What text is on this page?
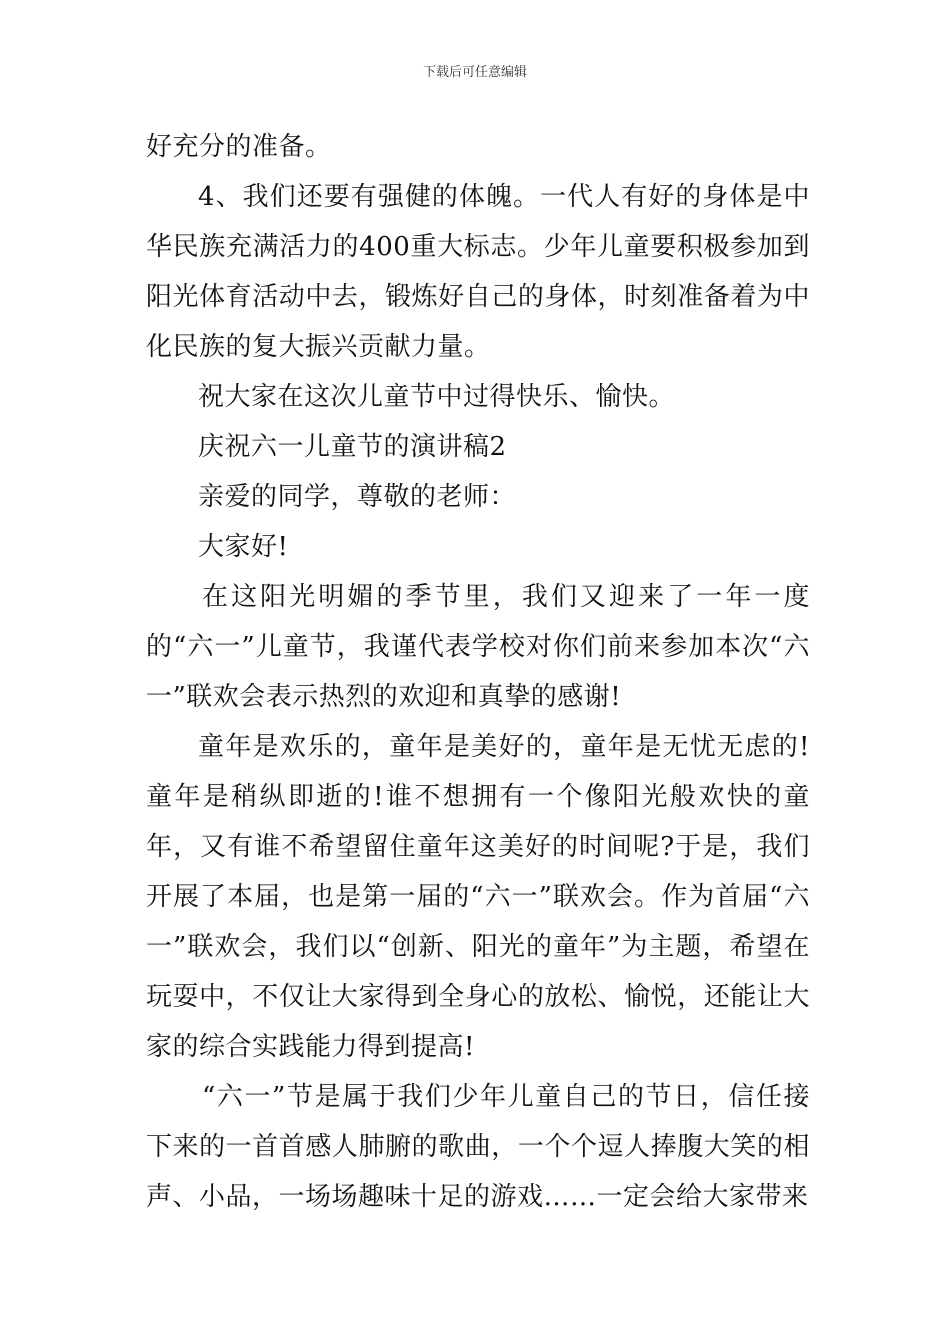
下载后可任意编辑

好充分的准备。

4、我们还要有强健的体魄。一代人有好的身体是中华民族充满活力的400重大标志。少年儿童要积极参加到阳光体育活动中去，锻炼好自己的身体，时刻准备着为中化民族的复大振兴贡献力量。

祝大家在这次儿童节中过得快乐、愉快。

庆祝六一儿童节的演讲稿2

亲爱的同学，尊敬的老师：

大家好!

在这阳光明媚的季节里，我们又迎来了一年一度的“六一”儿童节，我谨代表学校对你们前来参加本次“六一”联欢会表示热烈的欢迎和真挚的感谢!

童年是欢乐的，童年是美好的，童年是无忧无虑的!童年是稍纵即逝的!谁不想拥有一个像阳光般欢快的童年，又有谁不希望留住童年这美好的时间呢?于是，我们开展了本届，也是第一届的“六一”联欢会。作为首届“六一”联欢会，我们以“创新、阳光的童年”为主题，希望在玩耍中，不仅让大家得到全身心的放松、愉悦，还能让大家的综合实践能力得到提高!

“六一”节是属于我们少年儿童自己的节日，信任接下来的一首首感人肺腑的歌曲，一个个逗人捧腹大笑的相声、小品，一场场趣味十足的游戏……一定会给大家带来
